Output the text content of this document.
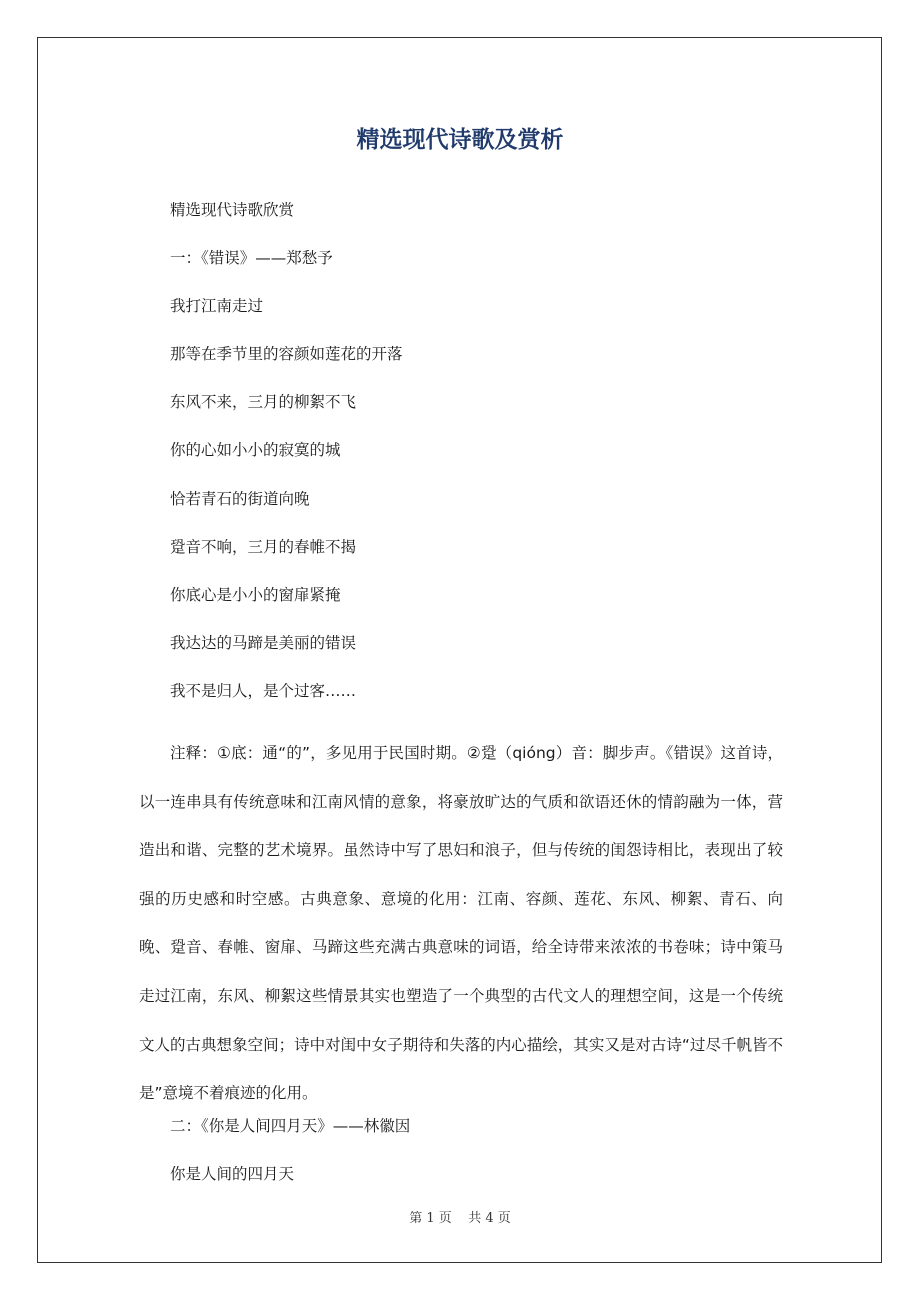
精选现代诗歌及赏析

精选现代诗歌欣赏

一：《错误》——郑愁予

我打江南走过

那等在季节里的容颜如莲花的开落

东风不来，三月的柳絮不飞

你的心如小小的寂寞的城

恰若青石的街道向晚

跫音不响，三月的春帷不揭

你底心是小小的窗扉紧掩

我达达的马蹄是美丽的错误

我不是归人，是个过客……

注释：①底：通“的”，多见用于民国时期。②跫（qióng）音：脚步声。《错误》这首诗，以一连串具有传统意味和江南风情的意象，将豪放旷达的气质和欲语还休的情韵融为一体，营造出和谐、完整的艺术境界。虽然诗中写了思妇和浪子，但与传统的闺怨诗相比，表现出了较强的历史感和时空感。古典意象、意境的化用：江南、容颜、莲花、东风、柳絮、青石、向晚、跫音、春帷、窗扉、马蹄这些充满古典意味的词语，给全诗带来浓浓的书卷味；诗中策马走过江南，东风、柳絮这些情景其实也塑造了一个典型的古代文人的理想空间，这是一个传统文人的古典想象空间；诗中对闺中女子期待和失落的内心描绘，其实又是对古诗“过尽千帆皆不是”意境不着痕迹的化用。

二：《你是人间四月天》——林徽因

你是人间的四月天

第 1 页 共 4 页
